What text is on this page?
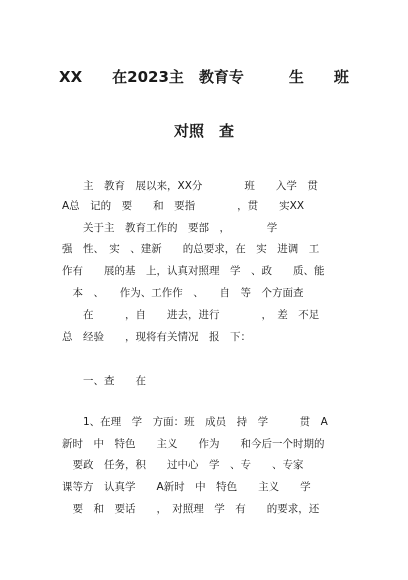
XX　　在2023主　教育专　　　生　　班
对照　查
　　主　教育　展以来，XX分　　　　班　　入学　贯
A总　记的　要　　和　要指　　　　，贯　　实XX
　　关于主　教育工作的　要部　，　　　　学
强　性、　实　、建新　　的总要求，在　实　进调　工
作有　　展的基　上，认真对照理　学　、政　　质、能
　本　、　　作为、工作作　、　　自　等　个方面查
　　在　　　，自　　进去，进行　　　　，　差　不足
总　经验　　，现将有关情况　报　下：
　　一、查　　在
　　1、在理　学　方面：班　成员　持　学　　　贯　A
新时　中　特色　　主义　　作为　　和今后一个时期的
　要政　任务，积　　过中心　学　、专　　、专家
课等方　认真学　　A新时　中　特色　　主义　　学
　要　和　要话　　，　对照理　学　有　　的要求，还
